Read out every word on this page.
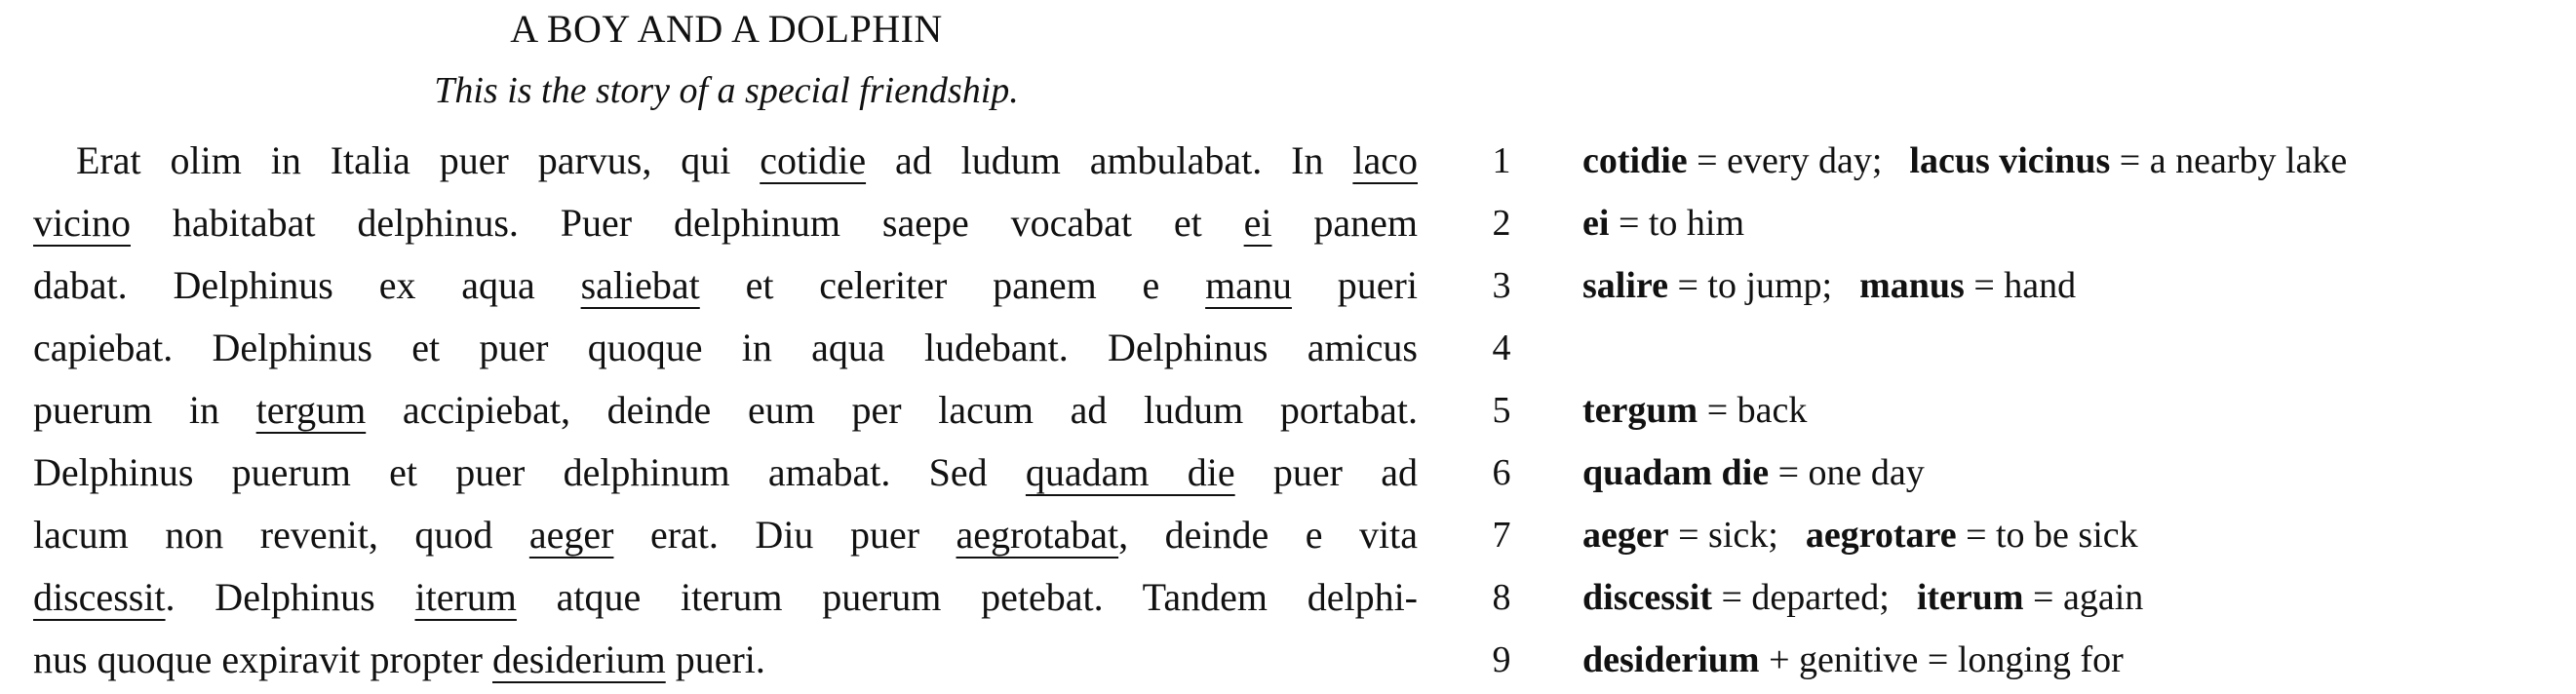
A BOY AND A DOLPHIN
This is the story of a special friendship.
Erat olim in Italia puer parvus, qui cotidie ad ludum ambulabat. In laco
vicino habitabat delphinus. Puer delphinum saepe vocabat et ei panem
dabat. Delphinus ex aqua saliebat et celeriter panem e manu pueri
capiebat. Delphinus et puer quoque in aqua ludebant. Delphinus amicus
puerum in tergum accipiebat, deinde eum per lacum ad ludum portabat.
Delphinus puerum et puer delphinum amabat. Sed quadam die puer ad
lacum non revenit, quod aeger erat. Diu puer aegrotabat, deinde e vita
discessit. Delphinus iterum atque iterum puerum petebat. Tandem delphi-
nus quoque expiravit propter desiderium pueri.
1
2
3
4
5
6
7
8
9
cotidie = every day; lacus vicinus = a nearby lake
ei = to him
salire = to jump; manus = hand
tergum = back
quadam die = one day
aeger = sick; aegrotare = to be sick
discessit = departed; iterum = again
desiderium + genitive = longing for
